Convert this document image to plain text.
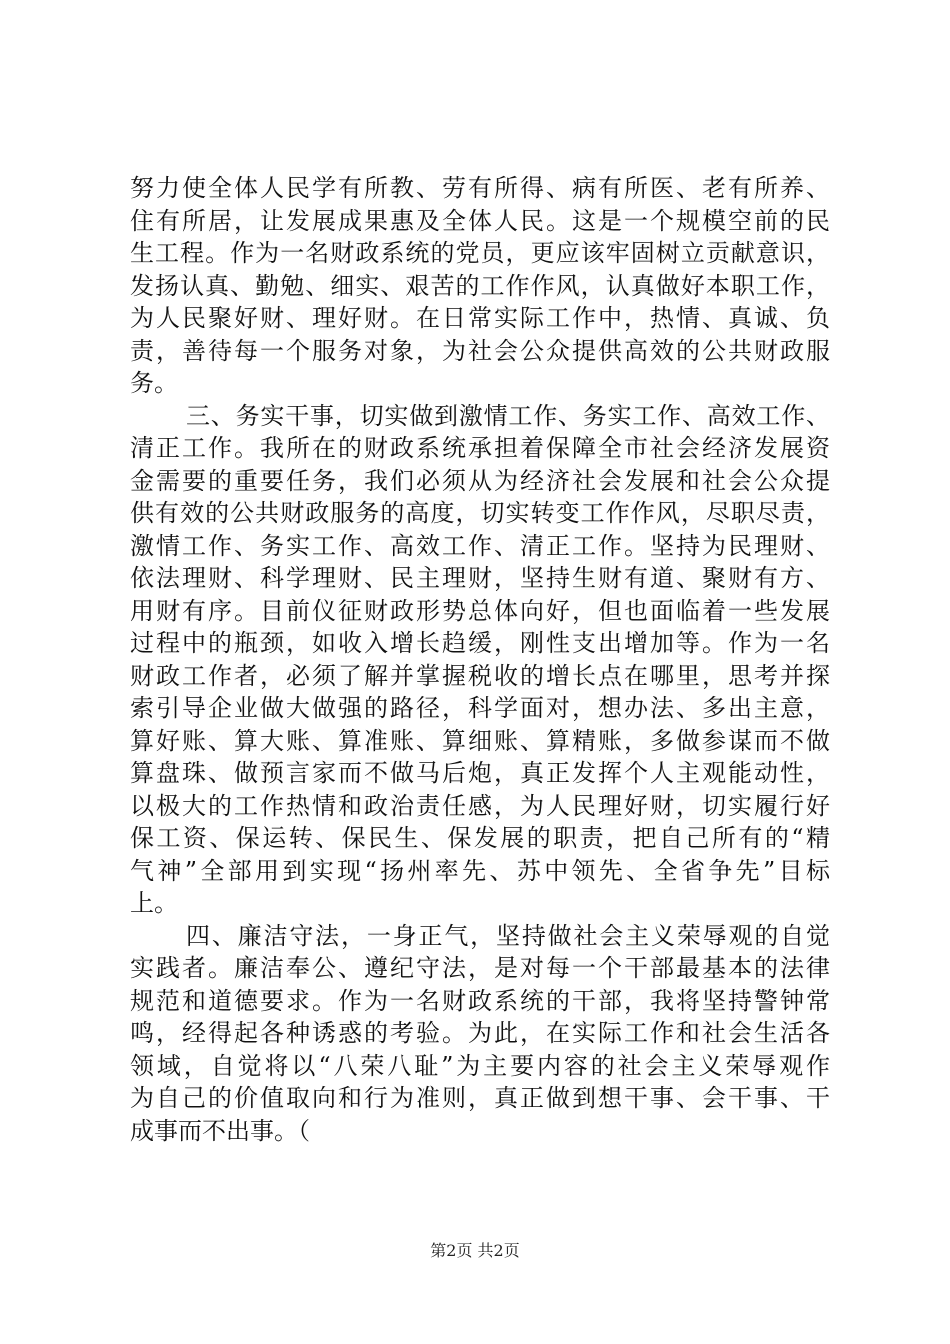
努力使全体人民学有所教、劳有所得、病有所医、老有所养、
住有所居，让发展成果惠及全体人民。这是一个规模空前的民
生工程。作为一名财政系统的党员，更应该牢固树立贡献意识，
发扬认真、勤勉、细实、艰苦的工作作风，认真做好本职工作，
为人民聚好财、理好财。在日常实际工作中，热情、真诚、负
责，善待每一个服务对象，为社会公众提供高效的公共财政服
务。
三、务实干事，切实做到激情工作、务实工作、高效工作、
清正工作。我所在的财政系统承担着保障全市社会经济发展资
金需要的重要任务，我们必须从为经济社会发展和社会公众提
供有效的公共财政服务的高度，切实转变工作作风，尽职尽责，
激情工作、务实工作、高效工作、清正工作。坚持为民理财、
依法理财、科学理财、民主理财，坚持生财有道、聚财有方、
用财有序。目前仪征财政形势总体向好，但也面临着一些发展
过程中的瓶颈，如收入增长趋缓，刚性支出增加等。作为一名
财政工作者，必须了解并掌握税收的增长点在哪里，思考并探
索引导企业做大做强的路径，科学面对，想办法、多出主意，
算好账、算大账、算准账、算细账、算精账，多做参谋而不做
算盘珠、做预言家而不做马后炮，真正发挥个人主观能动性，
以极大的工作热情和政治责任感，为人民理好财，切实履行好
保工资、保运转、保民生、保发展的职责，把自己所有的“精
气神”全部用到实现“扬州率先、苏中领先、全省争先”目标
上。
四、廉洁守法，一身正气，坚持做社会主义荣辱观的自觉
实践者。廉洁奉公、遵纪守法，是对每一个干部最基本的法律
规范和道德要求。作为一名财政系统的干部，我将坚持警钟常
鸣，经得起各种诱惑的考验。为此，在实际工作和社会生活各
领域，自觉将以“八荣八耻”为主要内容的社会主义荣辱观作
为自己的价值取向和行为准则，真正做到想干事、会干事、干
成事而不出事。（
第2页 共2页
